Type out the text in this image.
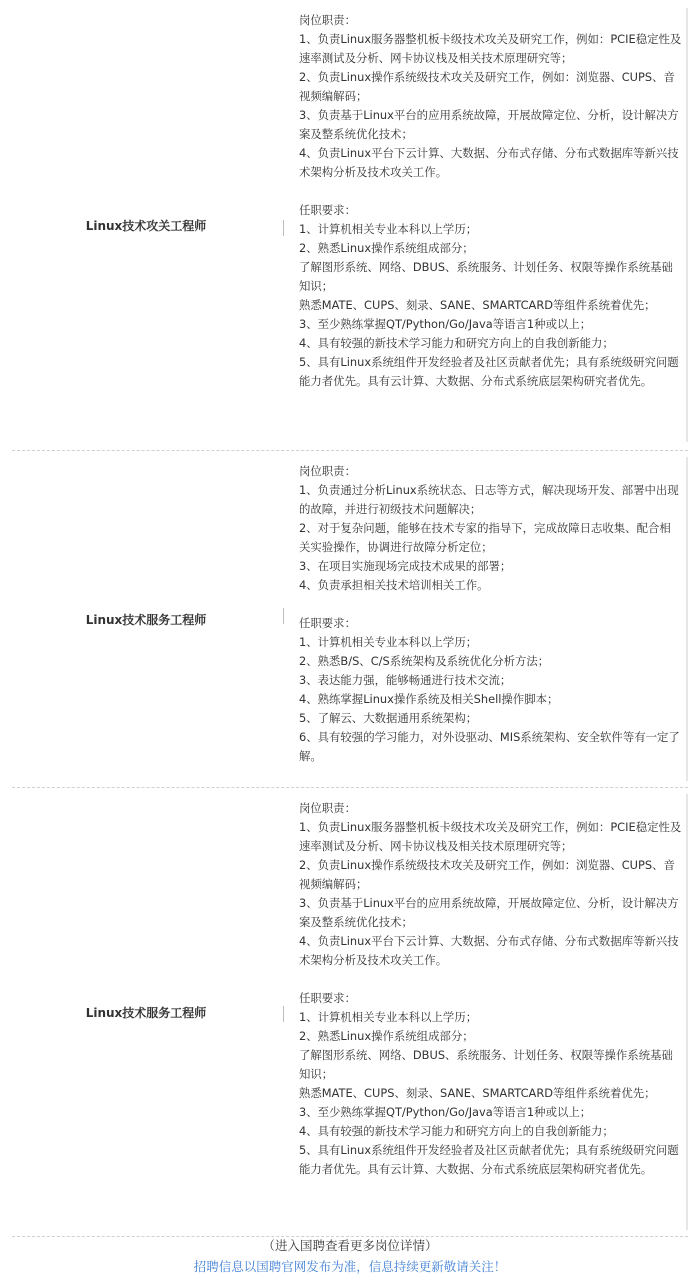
Linux技术攻关工程师

岗位职责：

1、负责Linux服务器整机板卡级技术攻关及研究工作，例如：PCIE稳定性及速率测试及分析、网卡协议栈及相关技术原理研究等；

2、负责Linux操作系统级技术攻关及研究工作，例如：浏览器、CUPS、音视频编解码；

3、负责基于Linux平台的应用系统故障，开展故障定位、分析，设计解决方案及整系统优化技术；

4、负责Linux平台下云计算、大数据、分布式存储、分布式数据库等新兴技术架构分析及技术攻关工作。

任职要求：

1、计算机相关专业本科以上学历；

2、熟悉Linux操作系统组成部分；

了解图形系统、网络、DBUS、系统服务、计划任务、权限等操作系统基础知识；

熟悉MATE、CUPS、刻录、SANE、SMARTCARD等组件系统着优先；

3、至少熟练掌握QT/Python/Go/Java等语言1种或以上；

4、具有较强的新技术学习能力和研究方向上的自我创新能力；

5、具有Linux系统组件开发经验者及社区贡献者优先；具有系统级研究问题能力者优先。具有云计算、大数据、分布式系统底层架构研究者优先。

Linux技术服务工程师

岗位职责：

1、负责通过分析Linux系统状态、日志等方式，解决现场开发、部署中出现的故障，并进行初级技术问题解决；

2、对于复杂问题，能够在技术专家的指导下，完成故障日志收集、配合相关实验操作，协调进行故障分析定位；

3、在项目实施现场完成技术成果的部署；

4、负责承担相关技术培训相关工作。

任职要求：

1、计算机相关专业本科以上学历；

2、熟悉B/S、C/S系统架构及系统优化分析方法；

3、表达能力强，能够畅通进行技术交流；

4、熟练掌握Linux操作系统及相关Shell操作脚本；

5、了解云、大数据通用系统架构；

6、具有较强的学习能力，对外设驱动、MIS系统架构、安全软件等有一定了解。

Linux技术服务工程师

岗位职责：

1、负责Linux服务器整机板卡级技术攻关及研究工作，例如：PCIE稳定性及速率测试及分析、网卡协议栈及相关技术原理研究等；

2、负责Linux操作系统级技术攻关及研究工作，例如：浏览器、CUPS、音视频编解码；

3、负责基于Linux平台的应用系统故障，开展故障定位、分析，设计解决方案及整系统优化技术；

4、负责Linux平台下云计算、大数据、分布式存储、分布式数据库等新兴技术架构分析及技术攻关工作。

任职要求：

1、计算机相关专业本科以上学历；

2、熟悉Linux操作系统组成部分；

了解图形系统、网络、DBUS、系统服务、计划任务、权限等操作系统基础知识；

熟悉MATE、CUPS、刻录、SANE、SMARTCARD等组件系统着优先；

3、至少熟练掌握QT/Python/Go/Java等语言1种或以上；

4、具有较强的新技术学习能力和研究方向上的自我创新能力；

5、具有Linux系统组件开发经验者及社区贡献者优先；具有系统级研究问题能力者优先。具有云计算、大数据、分布式系统底层架构研究者优先。

（进入国聘查看更多岗位详情）
招聘信息以国聘官网发布为准，信息持续更新敬请关注！
